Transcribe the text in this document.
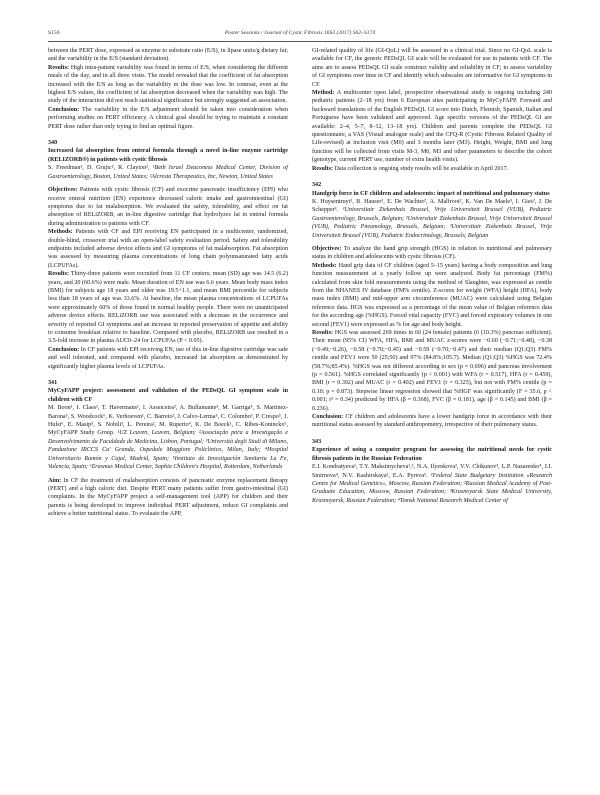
S150	Poster Sessions / Journal of Cystic Fibrosis 16S3 (2017) S62–S174

between the PERT dose, expressed as enzyme to substrate ratio (E/S), in lipase units/g dietary fat; and the variability in the E/S (standard deviation).

Results: High intra-patient variability was found in terms of E/S, when considering the different meals of the day, and in all three visits. The model revealed that the coefficient of fat absorption increased with the E/S as long as the variability in the dose was low. In contrast, even at the highest E/S values, the coefficient of fat absorption decreased when the variability was high. The study of the interaction did not reach statistical significance but strongly suggested an association.

Conclusion: The variability in the E/S adjustment should be taken into consideration when performing studies on PERT efficiency. A clinical goal should be trying to maintain a constant PERT dose rather than only trying to find an optimal figure.

340

Increased fat absorption from enteral formula through a novel in-line enzyme cartridge (RELIZORB®) in patients with cystic fibrosis

S. Freedman¹, D. Grujic², R. Clayton², ¹Beth Israel Deaconess Medical Center, Division of Gastroenterology, Boston, United States; ²Alcresta Therapeutics, Inc, Newton, United States

Objectives: Patients with cystic fibrosis (CF) and exocrine pancreatic insufficiency (EPI) who receive enteral nutrition (EN) experience decreased caloric intake and gastrointestinal (GI) symptoms due to fat malabsorption. We evaluated the safety, tolerability, and effect on fat absorption of RELiZORB, an in-line digestive cartridge that hydrolyzes fat in enteral formula during administration to patients with CF.

Methods: Patients with CF and EPI receiving EN participated in a multicenter, randomized, double-blind, crossover trial with an open-label safety evaluation period. Safety and tolerability endpoints included adverse device effects and GI symptoms of fat malabsorption. Fat absorption was assessed by measuring plasma concentrations of long chain polyunsaturated fatty acids (LCPUFAs).

Results: Thirty-three patients were recruited from 11 CF centers; mean (SD) age was 14.5 (6.2) years, and 20 (60.6%) were male. Mean duration of EN use was 6.6 years. Mean body mass index (BMI) for subjects age 18 years and older was 19.5+1.1, and mean BMI percentile for subjects less than 18 years of age was 33.6%. At baseline, the mean plasma concentrations of LCPUFAs were approximately 60% of those found in normal healthy people. There were no unanticipated adverse device effects. RELiZORB use was associated with a decrease in the occurrence and severity of reported GI symptoms and an increase in reported preservation of appetite and ability to consume breakfast relative to baseline. Compared with placebo, RELiZORB use resulted in a 3.5-fold increase in plasma AUC0–24 for LCPUFAs (P < 0.05).

Conclusion: In CF patients with EPI receiving EN, use of this in-line digestive cartridge was safe and well tolerated, and compared with placebo, increased fat absorption as demonstrated by significantly higher plasma levels of LCPUFAs.

341

MyCyFAPP project: assessment and validation of the PEDsQL GI symptom scale in children with CF

M. Boon¹, I. Claes¹, T. Havermans¹, I. Asseiceira², A. Bulfamante³, M. Garriga⁴, S. Martinez-Barona⁵, S. Woodcock⁶, K. Verhoeven¹, C. Barreto², J. Calvo-Lerma⁵, C. Colombo³, P. Crespo⁵, J. Hulst⁶, E. Masip⁵, S. Nobili³, L. Pereira², M. Ruperto⁴, K. De Boeck¹, C. Ribes-Koninckx⁵, MyCyFAPP Study Group. ¹UZ Leuven, Leuven, Belgium; ²Associação para a Investigação e Desenvolvimento da Faculdade de Medicina, Lisbon, Portugal; ³Università degli Studi di Milano, Fondazione IRCCS Ca' Granda, Ospedale Maggiore Policlinico, Milan, Italy; ⁴Hospital Universitario Ramón y Cajal, Madrid, Spain; ⁵Instituto de Investigación Sanitaria La Fe, Valencia, Spain; ⁶Erasmus Medical Center, Sophia Children's Hospital, Rotterdam, Netherlands

Aim: In CF the treatment of malabsorption consists of pancreatic enzyme replacement therapy (PERT) and a high caloric diet. Despite PERT many patients suffer from gastro-intestinal (GI) complaints. In the MyCyFAPP project a self-management tool (APP) for children and their parents is being developed to improve individual PERT adjustment, reduce GI complaints and achieve a better nutritional status. To evaluate the APP,

GI-related quality of life (GI-QoL) will be assessed in a clinical trial. Since no GI-QoL scale is available for CF, the generic PEDsQL GI scale will be evaluated for use in patients with CF. The aims are to assess PEDsQL GI scale construct validity and reliability in CF; to assess variability of GI symptoms over time in CF and identify which subscales are informative for GI symptoms in CF.

Method: A multicenter open label, prospective observational study is ongoing including 240 pediatric patients (2–18 yrs) from 6 European sites participating in MyCyFAPP. Forward and backward translations of the English PEDsQL GI score into Dutch, Flemish, Spanish, Italian and Portuguese have been validated and approved. Age specific versions of the PEDsQL GI are available: 2–4, 5–7, 8–12, 13–18 yrs). Children and parents complete the PEDsQL GI questionnaire, a VAS (Visual analogue scale) and the CFQ-R (Cystic Fibrosis Related Quality of Life-revised) at inclusion visit (M0) and 3 months later (M3). Height, Weight, BMI and lung function will be collected from visits M-3, M0, M3 and other parameters to describe the cohort (genotype, current PERT use, number of extra health visits).

Results: Data collection is ongoing study results will be available in April 2017.

342

Handgrip force in CF children and adolescents: impact of nutritional and pulmonary status

K. Huysentruyt¹, B. Hauser¹, E. De Wachter², A. Malfroot², K. Van De Maele³, I. Gies³, J. De Schepper³. ¹Universitair Ziekenhuis Brussel, Vrije Universiteit Brussel (VUB), Pediatric Gastroenterology, Brussels, Belgium; ²Universitair Ziekenhuis Brussel, Vrije Universiteit Brussel (VUB), Pediatric Pneumology, Brussels, Belgium; ³Universitair Ziekenhuis Brussel, Vrije Universiteit Brussel (VUB), Pediatric Endocrinology, Brussels, Belgium

Objectives: To analyze the hand grip strength (HGS) in relation to nutritional and pulmonary status in children and adolescents with cystic fibrosis (CF).

Methods: Hand grip data of CF children (aged 5–15 years) having a body composition and lung function measurement at a yearly follow up were analyzed. Body fat percentage (FM%) calculated from skin fold measurements using the method of Slaughter, was expressed as centile from the NHANES IV database (FM% centile). Z-scores for weight (WFA) height (HFA), body mass index (BMI) and mid-upper arm circumference (MUAC) were calculated using Belgian reference data. HGS was expressed as a percentage of the mean value of Belgian reference data for the according age (%HGS). Forced vital capacity (FVC) and forced expiratory volumes in one second (FEV1) were expressed as % for age and body height.

Results: HGS was assessed 269 times in 60 (24 female) patients (6 (10.3%) pancreas sufficient). Their mean (95% CI) WFA, HFA, BMI and MUAC z-scores were −0.60 (−0.71;−0.48), −0.38 (−0.49;−0.26), −0.58 (−0.70;−0.45) and −0.59 (−0.70;−0.47) and their median (Q1;Q3) FM% centile and FEV1 were 50 (25;50) and 97% (84.8%;105.7). Median (Q1;Q3) %HGS was 72.4% (58.7%;85.4%). %HGS was not different according to sex (p = 0.696) and pancreas involvement (p = 0.561). %HGS correlated significantly (p < 0.001) with WFA (r = 0.517), HFA (r = 0.459), BMI (r = 0.392) and MUAC (r = 0.402) and FEV1 (r = 0.325), but not with FM% centile (p = 0.10; p = 0.873). Stepwise linear regression showed that %HGF was significantly (F = 35.6, p < 0.001; r² = 0.34) predicted by HFA (β = 0.368), FVC (β = 0.181), age (β = 0.145) and BMI (β = 0.236).

Conclusion: CF children and adolescents have a lower handgrip force in accordance with their nutritional status assessed by standard anthropometry, irrespective of their pulmonary status.

343

Experience of using a computer program for assessing the nutritional needs for cystic fibrosis patients in the Russian Federation

E.I. Kondratyeva¹, T.Y. Maksimycheva¹,², N.A. Ilyenkova³, V.V. Chikunov³, L.P. Nazarenko⁴, I.I. Smirnova⁴, N.V. Kashirskaya¹, E.A. Pyreva⁵. ¹Federal State Budgetary Institution «Research Centre for Medical Genetics», Moscow, Russian Federation; ²Russian Medical Academy of Post-Graduate Education, Moscow, Russian Federation; ³Krasnoyarsk State Medical University, Krasnoyarsk, Russian Federation; ⁴Tomsk National Research Medical Center of
